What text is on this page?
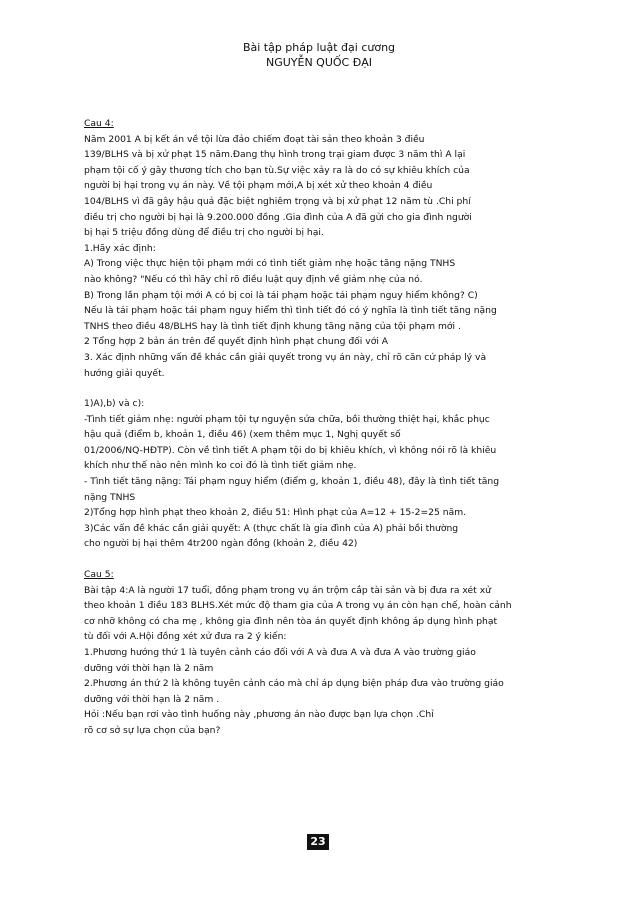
Bài tập pháp luật đại cương
NGUYỄN QUỐC ĐẠI

Cau 4:

Năm 2001 A bị kết án về tội lừa đảo chiếm đoạt tài sản theo khoản 3 điều

139/BLHS và bị xử phạt 15 năm.Đang thụ hình trong trại giam được 3 năm thì A lại

phạm tội cố ý gây thương tích cho bạn tù.Sự việc xảy ra là do có sự khiêu khích của

người bị hại trong vụ án này. Về tội phạm mới,A bị xét xử theo khoản 4 điều

104/BLHS vì đã gây hậu quả đặc biệt nghiêm trọng và bị xử phạt 12 năm tù .Chi phí

điều trị cho người bị hại là 9.200.000 đồng .Gia đình của A đã gửi cho gia đình người

bị hại 5 triệu đồng dùng để điều trị cho người bị hại.

1.Hãy xác định:

A) Trong việc thực hiện tội phạm mới có tình tiết giảm nhẹ hoặc tăng nặng TNHS

nào không? "Nếu có thì hãy chỉ rõ điều luật quy định về giảm nhẹ của nó.

B) Trong lần phạm tội mới A có bị coi là tái phạm hoặc tái phạm nguy hiểm không? C)

Nếu là tái phạm hoặc tái phạm nguy hiểm thì tình tiết đó có ý nghĩa là tình tiết tăng nặng

TNHS theo điều 48/BLHS hay là tình tiết định khung tăng nặng của tội phạm mới .

2 Tổng hợp 2 bản án trên để quyết định hình phạt chung đối với A

3. Xác định những vấn đề khác cần giải quyết trong vụ án này, chỉ rõ căn cứ pháp lý và

hướng giải quyết.

1)A),b) và c):

-Tình tiết giảm nhẹ: người phạm tội tự nguyện sửa chữa, bồi thường thiệt hại, khắc phục

hậu quả (điểm b, khoản 1, điều 46) (xem thêm mục 1, Nghị quyết số

01/2006/NQ-HĐTP). Còn về tình tiết A phạm tội do bị khiêu khích, vì không nói rõ là khiêu

khích như thế nào nên mình ko coi đó là tình tiết giảm nhẹ.

- Tình tiết tăng nặng: Tái phạm nguy hiểm (điểm g, khoản 1, điều 48), đây là tình tiết tăng

nặng TNHS

2)Tổng hợp hình phạt theo khoản 2, điều 51: Hình phạt của A=12 + 15-2=25 năm.

3)Các vấn đề khác cần giải quyết: A (thực chất là gia đình của A) phải bồi thường

cho người bị hại thêm 4tr200 ngàn đồng (khoản 2, điều 42)

Cau 5:

Bài tập 4:A là người 17 tuổi, đồng phạm trong vụ án trộm cắp tài sản và bị đưa ra xét xử

theo khoản 1 điều 183 BLHS.Xét mức độ tham gia của A trong vụ án còn hạn chế, hoàn cảnh

cơ nhỡ không có cha mẹ , không gia đình nên tòa án quyết định không áp dụng hình phạt

tù đối với A.Hội đồng xét xử đưa ra 2 ý kiến:

1.Phương hướng thứ 1 là tuyên cảnh cáo đối với A và đưa A và đưa A vào trường giáo

dưỡng với thời hạn là 2 năm

2.Phương án thứ 2 là không tuyên cảnh cáo mà chỉ áp dụng biện pháp đưa vào trường giáo

dưỡng với thời hạn là 2 năm .

Hỏi :Nếu bạn rơi vào tình huống này ,phương án nào được bạn lựa chọn .Chỉ

rõ cơ sở sự lựa chọn của bạn?

23
